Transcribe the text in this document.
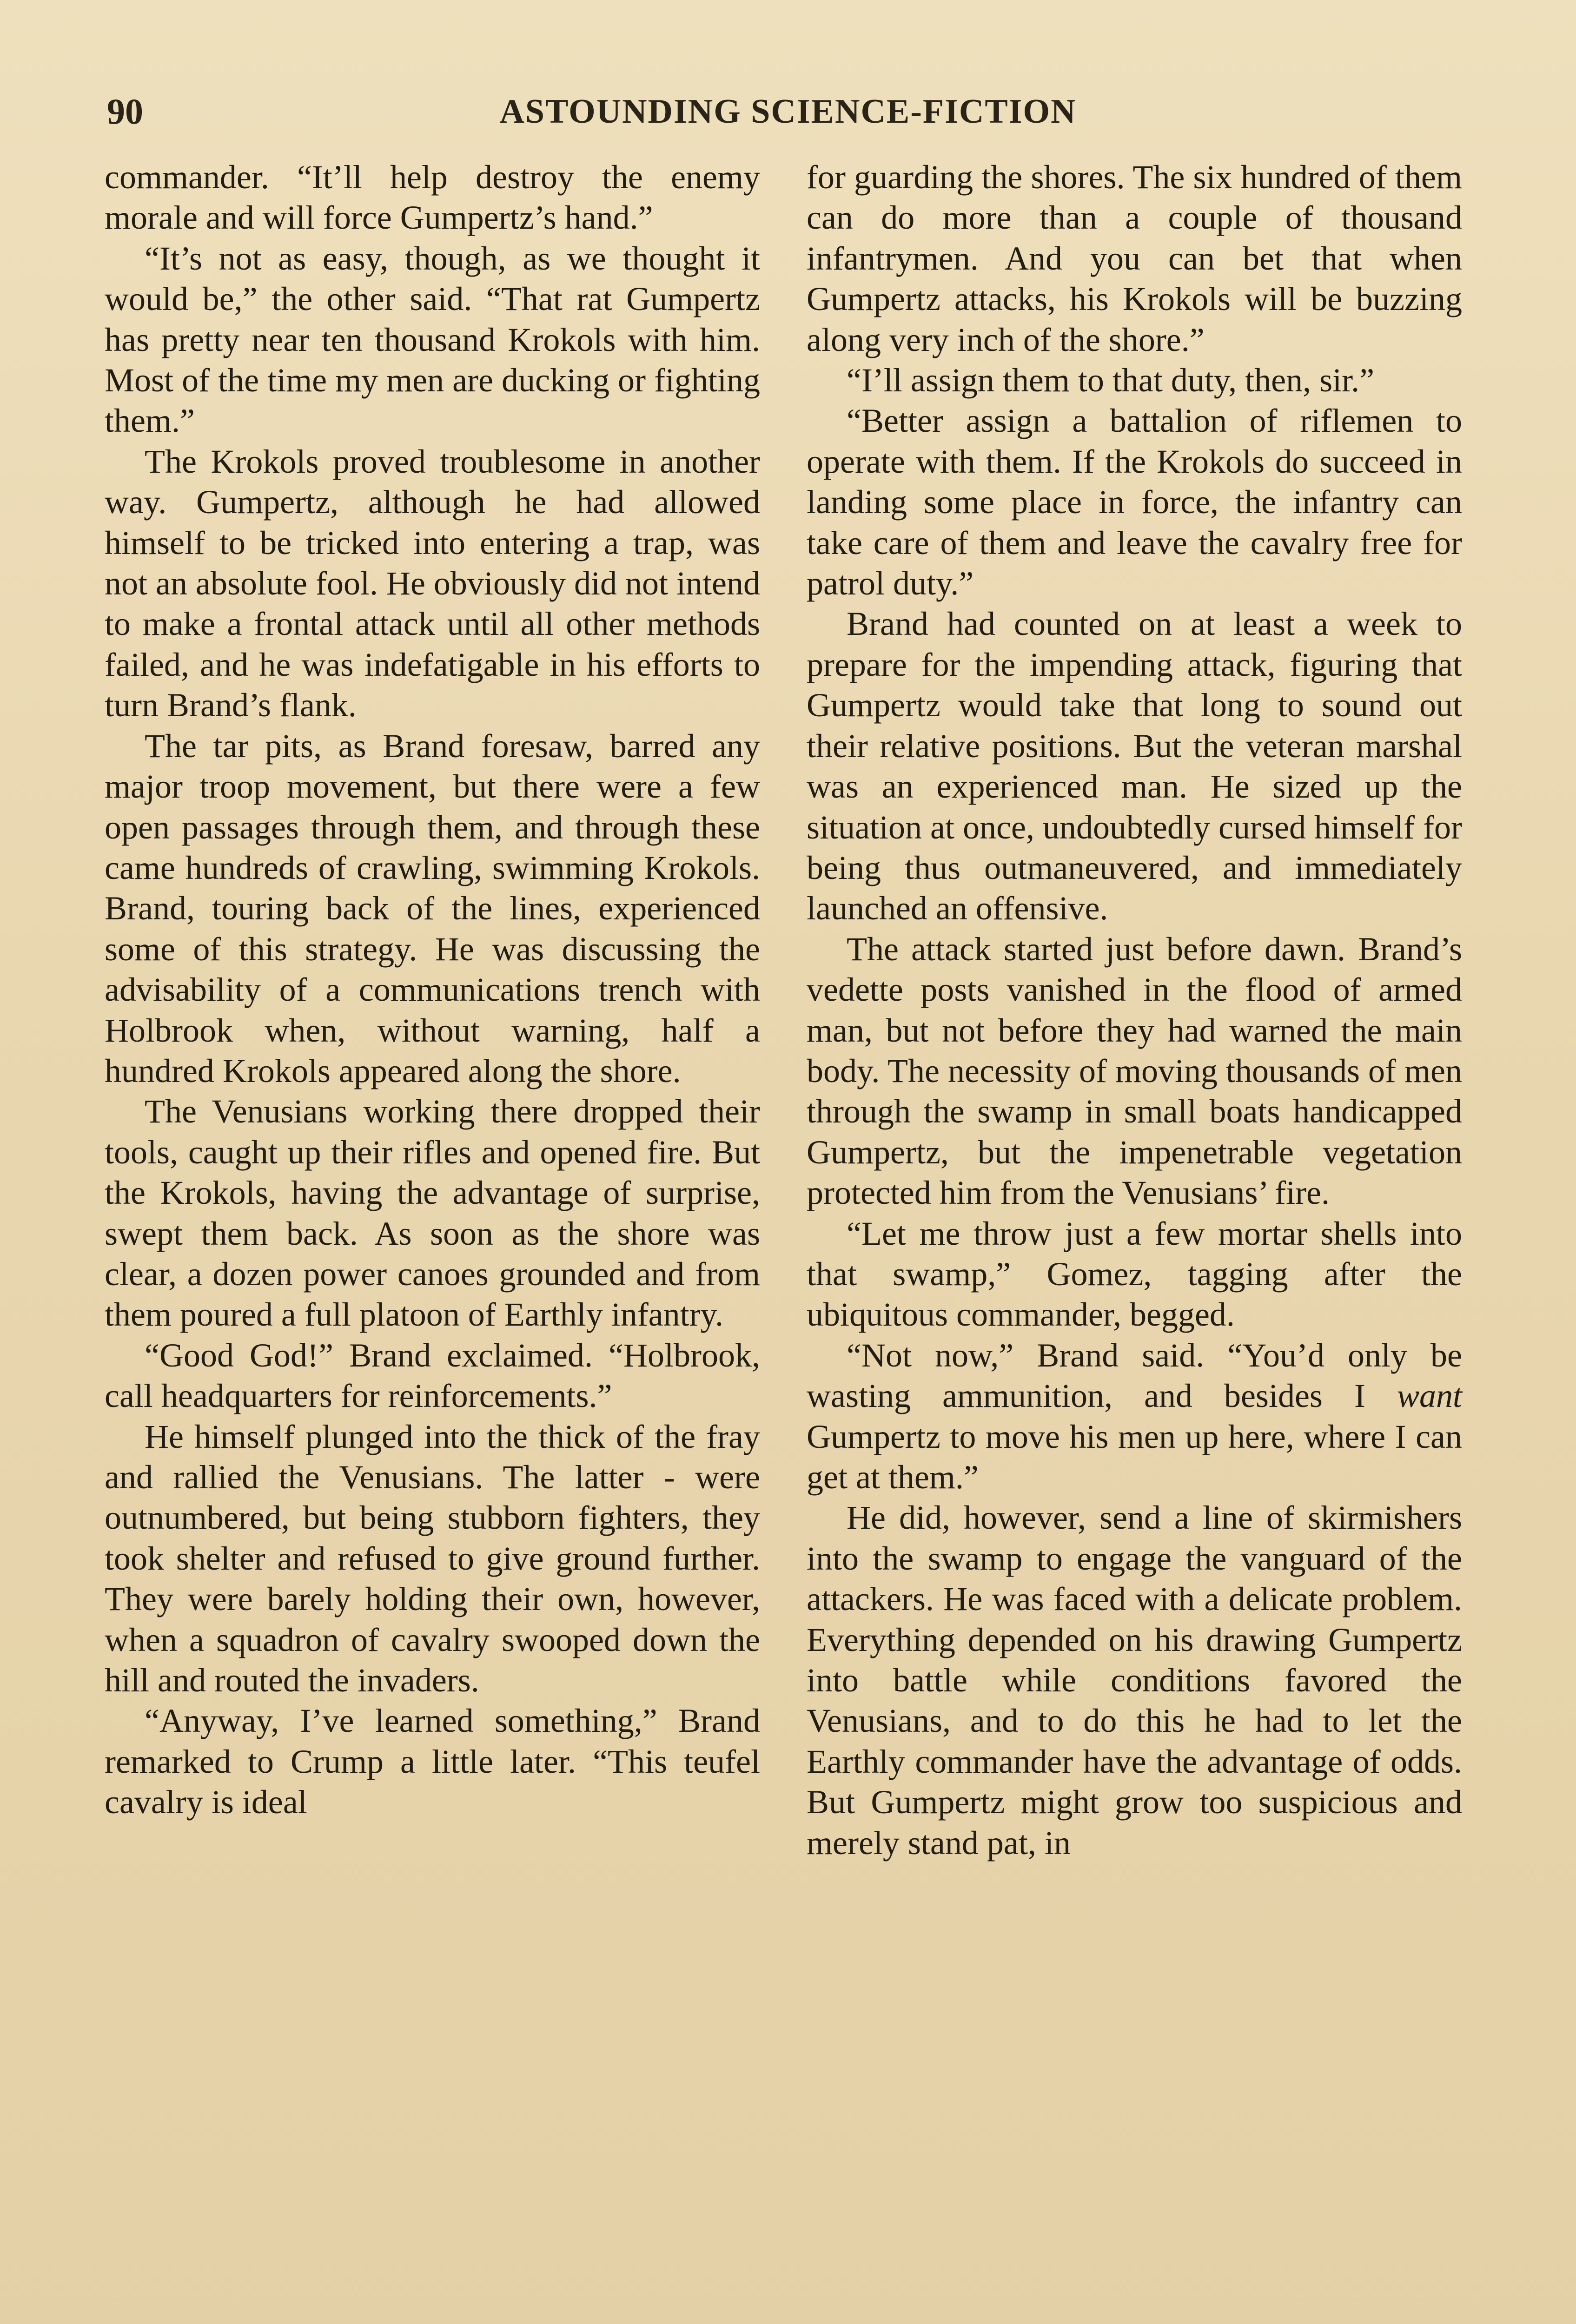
90	ASTOUNDING SCIENCE-FICTION

commander. “It’ll help destroy the enemy morale and will force Gumpertz’s hand.”

“It’s not as easy, though, as we thought it would be,” the other said. “That rat Gumpertz has pretty near ten thousand Krokols with him. Most of the time my men are ducking or fighting them.”

The Krokols proved troublesome in another way. Gumpertz, although he had allowed himself to be tricked into entering a trap, was not an absolute fool. He obviously did not intend to make a frontal attack until all other methods failed, and he was indefatigable in his efforts to turn Brand’s flank.

The tar pits, as Brand foresaw, barred any major troop movement, but there were a few open passages through them, and through these came hundreds of crawling, swimming Krokols. Brand, touring back of the lines, experienced some of this strategy. He was discussing the advisability of a communications trench with Holbrook when, without warning, half a hundred Krokols appeared along the shore.

The Venusians working there dropped their tools, caught up their rifles and opened fire. But the Krokols, having the advantage of surprise, swept them back. As soon as the shore was clear, a dozen power canoes grounded and from them poured a full platoon of Earthly infantry.

“Good God!” Brand exclaimed. “Holbrook, call headquarters for reinforcements.”

He himself plunged into the thick of the fray and rallied the Venusians. The latter - were outnumbered, but being stubborn fighters, they took shelter and refused to give ground further. They were barely holding their own, however, when a squadron of cavalry swooped down the hill and routed the invaders.

“Anyway, I’ve learned something,” Brand remarked to Crump a little later. “This teufel cavalry is ideal

for guarding the shores. The six hundred of them can do more than a couple of thousand infantrymen. And you can bet that when Gumpertz attacks, his Krokols will be buzzing along very inch of the shore.”

“I’ll assign them to that duty, then, sir.”

“Better assign a battalion of riflemen to operate with them. If the Krokols do succeed in landing some place in force, the infantry can take care of them and leave the cavalry free for patrol duty.”

Brand had counted on at least a week to prepare for the impending attack, figuring that Gumpertz would take that long to sound out their relative positions. But the veteran marshal was an experienced man. He sized up the situation at once, undoubtedly cursed himself for being thus outmaneuvered, and immediately launched an offensive.

The attack started just before dawn. Brand’s vedette posts vanished in the flood of armed man, but not before they had warned the main body. The necessity of moving thousands of men through the swamp in small boats handicapped Gumpertz, but the impenetrable vegetation protected him from the Venusians’ fire.

“Let me throw just a few mortar shells into that swamp,” Gomez, tagging after the ubiquitous commander, begged.

“Not now,” Brand said. “You’d only be wasting ammunition, and besides I want Gumpertz to move his men up here, where I can get at them.”

He did, however, send a line of skirmishers into the swamp to engage the vanguard of the attackers. He was faced with a delicate problem. Everything depended on his drawing Gumpertz into battle while conditions favored the Venusians, and to do this he had to let the Earthly commander have the advantage of odds. But Gumpertz might grow too suspicious and merely stand pat, in
